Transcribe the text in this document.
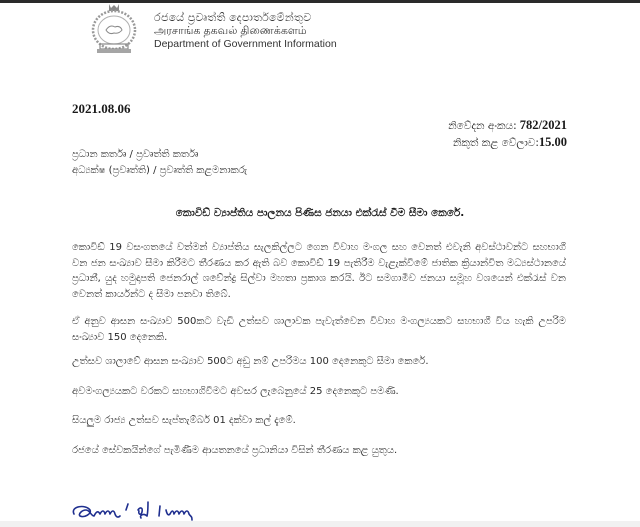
රජයේ ප්‍රවෘත්ති දෙපාර්තමේන්තුව
அரசாங்க தகவல் திணைக்களம்
Department of Government Information
2021.08.06
නිවේදන අංකය: 782/2021
නිකුත් කළ වේලාව:15.00
ප්‍රධාන කර්තෘ / ප්‍රවෘත්ති කර්තෘ
අධ්‍යක්ෂ (ප්‍රවෘත්ති) / ප්‍රවෘත්ති කළමනාකරු
කොවිඩ් ව්‍යාප්තිය පාලනය පිණිස ජනයා එක්රැස් වීම සීමා කෙරේ.

කොවිඩ් 19 වසංගතයේ වත්මන් ව්‍යාප්තිය සැලකිල්ලට ගෙන විවාහ මංගල සහ වෙනත් එවැනි අවස්ථාවන්ට සහභාගී වන ජන සංඛ්‍යාව සීමා කිරීමට තීරණය කර ඇති බව කොවිඩ් 19 පැතිරීම වැළැක්වීමේ ජාතික ක්‍රියාන්විත මධ්‍යස්ථානයේ ප්‍රධානී, යුද හමුදාපති ජෙනරාල් ශවේන්ද්‍ර සිල්වා මහතා ප්‍රකාශ කරයි. ඊට සමගාමීව ජනයා සමූහ වශයෙන් එක්රැස් වන වෙනත් කාර්යන්ට ද සීමා පනවා තිබේ.

ඒ අනුව ආසන සංඛ්‍යාව 500කට වැඩි උත්සව ශාලාවක පැවැත්වෙන විවාහ මංගල්‍යයකට සහභාගී විය හැකි උපරිම සංඛ්‍යාව 150 දෙනෙකි.

උත්සව ශාලාවේ ආසන සංඛ්‍යාව 500ට අඩු නම් උපරිමය 100 දෙනෙකුට සීමා කෙරේ.

අවමංගල්‍යයකට වරකට සහභාගිවීමට අවසර ලැබෙනුයේ 25 දෙනෙකුට පමණි.

සියලුම රාජ්‍ය උත්සව සැප්තැම්බර් 01 දක්වා කල් දැමේ.

රජයේ සේවකයින්ගේ පැමිණීම ආයතනයේ ප්‍රධානියා විසින් තීරණය කළ යුතුය.
